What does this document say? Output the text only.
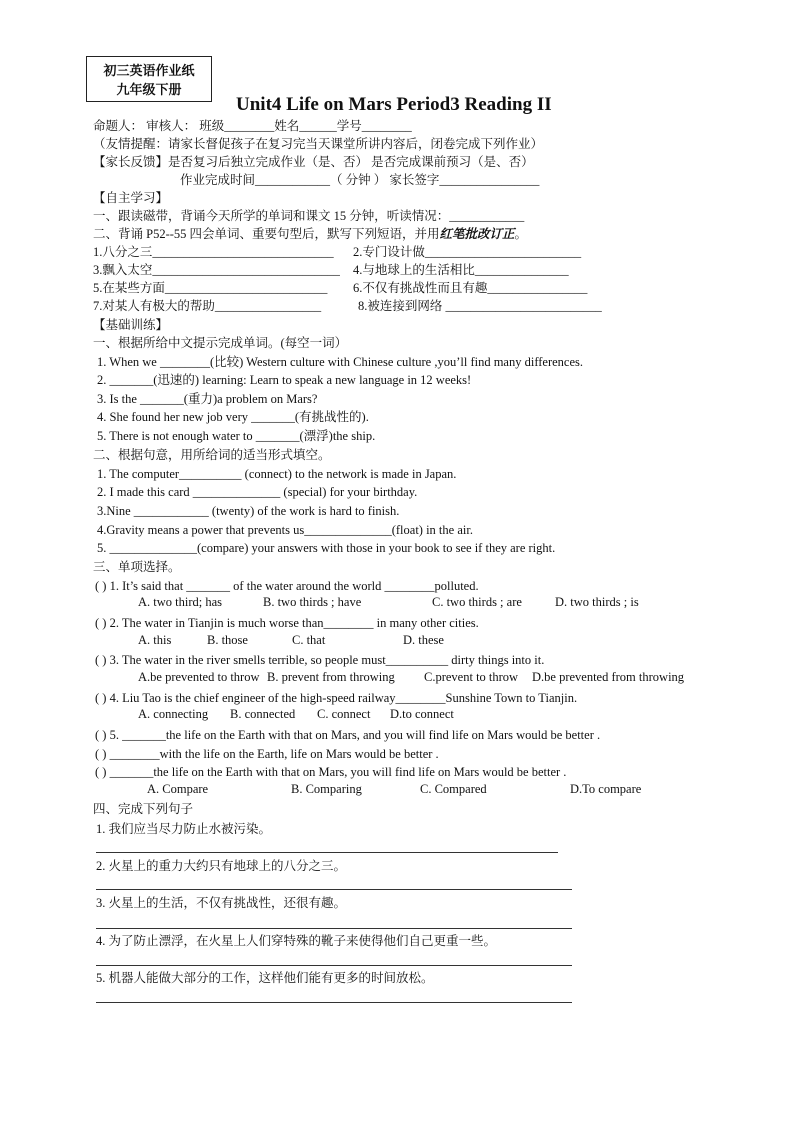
初三英语作业纸
九年级下册
Unit4 Life on Mars Period3 Reading II
命题人： 审核人： 班级________姓名______学号________
（友情提醒：请家长督促孩子在复习完当天课堂所讲内容后，闭卷完成下列作业）
【家长反馈】是否复习后独立完成作业（是、否） 是否完成课前预习（是、否）
作业完成时间____________（ 分钟 ） 家长签字________________
【自主学习】
一、跟读磁带，背诵今天所学的单词和课文 15 分钟，听读情况：____________
二、背诵 P52--55 四会单词、重要句型后，默写下列短语，并用红笔批改订正。
1.八分之三_____________________________ 2.专门设计做_________________________
3.飘入太空______________________________ 4.与地球上的生活相比_______________
5.在某些方面__________________________ 6.不仅有挑战性而且有趣________________
7.对某人有极大的帮助_________________	8.被连接到网络 _________________________
【基础训练】
一、根据所给中文提示完成单词。(每空一词）
1. When we ________(比较) Western culture with Chinese culture ,you’ll find many differences.
2. _______(迅速的) learning: Learn to speak a new language in 12 weeks!
3. Is the _______(重力)a problem on Mars?
4. She found her new job very _______(有挑战性的).
5. There is not enough water to _______(漂浮)the ship.
二、根据句意，用所给词的适当形式填空。
1. The computer__________ (connect) to the network is made in Japan.
2. I made this card ______________ (special) for your birthday.
3.Nine ____________ (twenty) of the work is hard to finish.
4.Gravity means a power that prevents us______________(float) in the air.
5. ______________(compare) your answers with those in your book to see if they are right.
三、单项选择。
( ) 1. It’s said that _______ of the water around the world ________polluted.
A. two third; has	B. two thirds ; have	C. two thirds ; are	D. two thirds ; is
( ) 2. The water in Tianjin is much worse than________ in many other cities.
A. this	B. those	C. that	D. these
( ) 3. The water in the river smells terrible, so people must__________ dirty things into it.
A.be prevented to throw B. prevent from throwing C.prevent to throw D.be prevented from throwing
( ) 4. Liu Tao is the chief engineer of the high-speed railway________Sunshine Town to Tianjin.
A. connecting B. connected C. connect D.to connect
( ) 5. _______the life on the Earth with that on Mars, and you will find life on Mars would be better .
( ) ________with the life on the Earth, life on Mars would be better .
( ) _______the life on the Earth with that on Mars, you will find life on Mars would be better .
A. Compare	B. Comparing	C. Compared	D.To compare
四、完成下列句子
1. 我们应当尽力防止水被污染。
2. 火星上的重力大约只有地球上的八分之三。
3. 火星上的生活，不仅有挑战性，还很有趣。
4. 为了防止漂浮，在火星上人们穿特殊的靴子来使得他们自己更重一些。
5. 机器人能做大部分的工作，这样他们能有更多的时间放松。
